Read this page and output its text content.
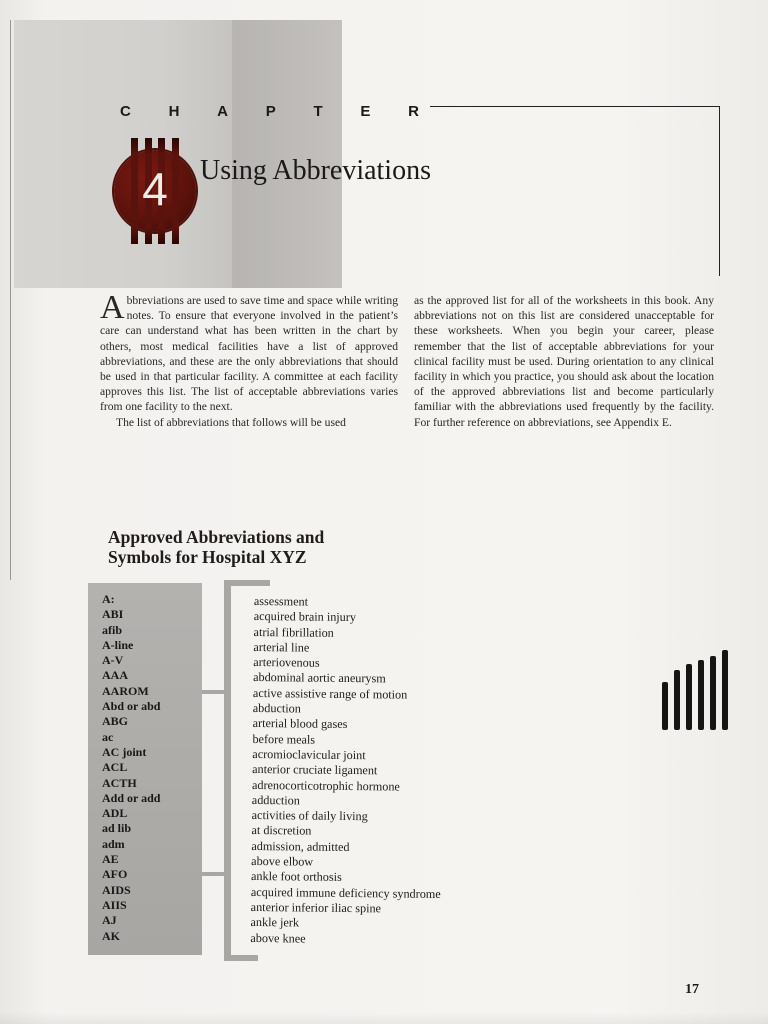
C H A P T E R
4	Using Abbreviations

Abbreviations are used to save time and space while writing notes. To ensure that everyone involved in the patient’s care can understand what has been written in the chart by others, most medical facilities have a list of approved abbreviations, and these are the only abbreviations that should be used in that particular facility. A committee at each facility approves this list. The list of acceptable abbreviations varies from one facility to the next.

The list of abbreviations that follows will be used

as the approved list for all of the worksheets in this book. Any abbreviations not on this list are considered unacceptable for these worksheets. When you begin your career, please remember that the list of acceptable abbreviations for your clinical facility must be used. During orientation to any clinical facility in which you practice, you should ask about the location of the approved abbreviations list and become particularly familiar with the abbreviations used frequently by the facility. For further reference on abbreviations, see Appendix E.

Approved Abbreviations and
Symbols for Hospital XYZ
A:
ABI
afib
A-line
A-V
AAA
AAROM
Abd or abd
ABG
ac
AC joint
ACL
ACTH
Add or add
ADL
ad lib
adm
AE
AFO
AIDS
AIIS
AJ
AK
assessment
acquired brain injury
atrial fibrillation
arterial line
arteriovenous
abdominal aortic aneurysm
active assistive range of motion
abduction
arterial blood gases
before meals
acromioclavicular joint
anterior cruciate ligament
adrenocorticotrophic hormone
adduction
activities of daily living
at discretion
admission, admitted
above elbow
ankle foot orthosis
acquired immune deficiency syndrome
anterior inferior iliac spine
ankle jerk
above knee
17
